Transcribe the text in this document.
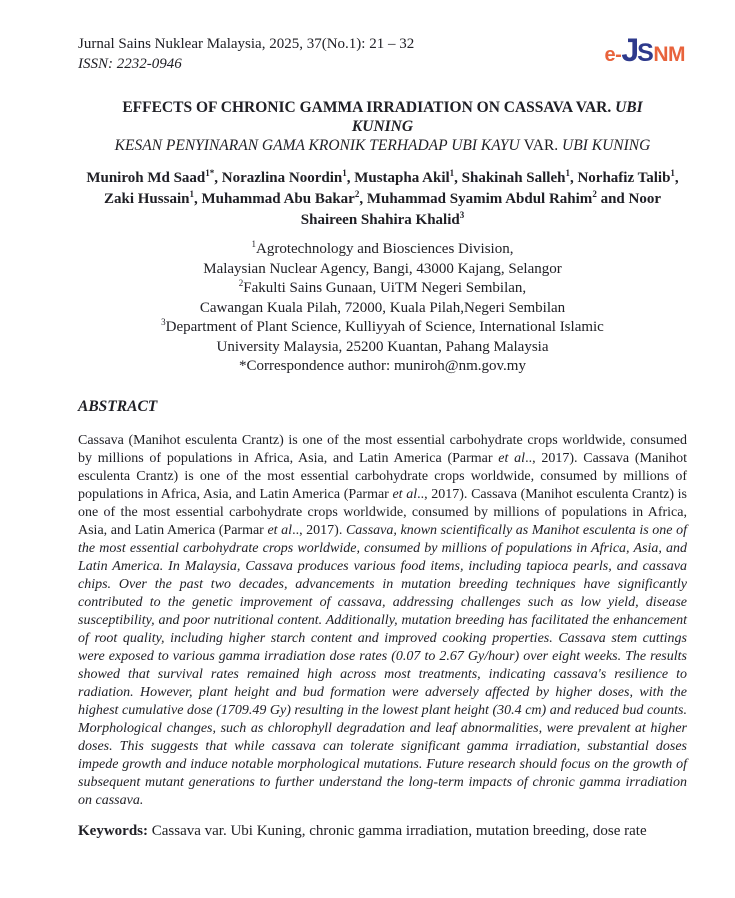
Jurnal Sains Nuklear Malaysia, 2025, 37(No.1): 21 – 32
ISSN: 2232-0946	e- J S NM
EFFECTS OF CHRONIC GAMMA IRRADIATION ON CASSAVA VAR. UBI KUNING
KESAN PENYINARAN GAMA KRONIK TERHADAP UBI KAYU VAR. UBI KUNING
Muniroh Md Saad$^{1*}$, Norazlina Noordin$^1$, Mustapha Akil$^1$, Shakinah Salleh$^1$, Norhafiz Talib$^1$, Zaki Hussain$^1$, Muhammad Abu Bakar$^2$, Muhammad Syamim Abdul Rahim$^2$ and Noor Shaireen Shahira Khalid$^3$
$^1$Agrotechnology and Biosciences Division,
Malaysian Nuclear Agency, Bangi, 43000 Kajang, Selangor
$^2$Fakulti Sains Gunaan, UiTM Negeri Sembilan,
Cawangan Kuala Pilah, 72000, Kuala Pilah,Negeri Sembilan
$^3$Department of Plant Science, Kulliyyah of Science, International Islamic
University Malaysia, 25200 Kuantan, Pahang Malaysia
*Correspondence author: muniroh@nm.gov.my
ABSTRACT
Cassava (Manihot esculenta Crantz) is one of the most essential carbohydrate crops worldwide, consumed by millions of populations in Africa, Asia, and Latin America (Parmar et al.., 2017). Cassava (Manihot esculenta Crantz) is one of the most essential carbohydrate crops worldwide, consumed by millions of populations in Africa, Asia, and Latin America (Parmar et al.., 2017). Cassava (Manihot esculenta Crantz) is one of the most essential carbohydrate crops worldwide, consumed by millions of populations in Africa, Asia, and Latin America (Parmar et al.., 2017). Cassava, known scientifically as Manihot esculenta is one of the most essential carbohydrate crops worldwide, consumed by millions of populations in Africa, Asia, and Latin America. In Malaysia, Cassava produces various food items, including tapioca pearls, and cassava chips. Over the past two decades, advancements in mutation breeding techniques have significantly contributed to the genetic improvement of cassava, addressing challenges such as low yield, disease susceptibility, and poor nutritional content. Additionally, mutation breeding has facilitated the enhancement of root quality, including higher starch content and improved cooking properties. Cassava stem cuttings were exposed to various gamma irradiation dose rates (0.07 to 2.67 Gy/hour) over eight weeks. The results showed that survival rates remained high across most treatments, indicating cassava's resilience to radiation. However, plant height and bud formation were adversely affected by higher doses, with the highest cumulative dose (1709.49 Gy) resulting in the lowest plant height (30.4 cm) and reduced bud counts. Morphological changes, such as chlorophyll degradation and leaf abnormalities, were prevalent at higher doses. This suggests that while cassava can tolerate significant gamma irradiation, substantial doses impede growth and induce notable morphological mutations. Future research should focus on the growth of subsequent mutant generations to further understand the long-term impacts of chronic gamma irradiation on cassava.
Keywords: Cassava var. Ubi Kuning, chronic gamma irradiation, mutation breeding, dose rate
